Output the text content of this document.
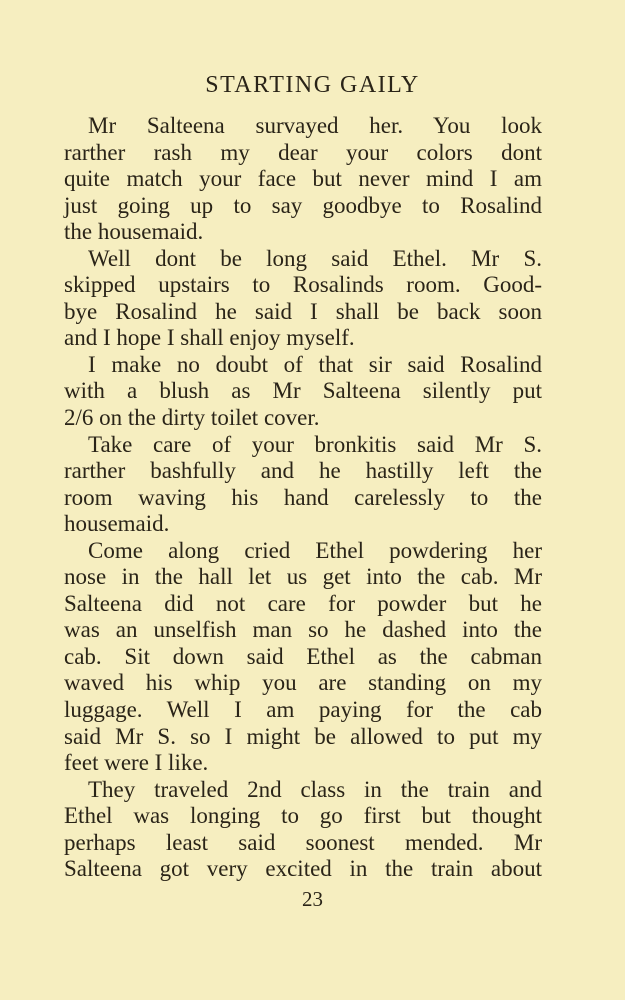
STARTING GAILY
Mr Salteena survayed her. You look
rarther rash my dear your colors dont
quite match your face but never mind I am
just going up to say goodbye to Rosalind
the housemaid.
Well dont be long said Ethel. Mr S.
skipped upstairs to Rosalinds room. Good-
bye Rosalind he said I shall be back soon
and I hope I shall enjoy myself.
I make no doubt of that sir said Rosalind
with a blush as Mr Salteena silently put
2/6 on the dirty toilet cover.
Take care of your bronkitis said Mr S.
rarther bashfully and he hastilly left the
room waving his hand carelessly to the
housemaid.
Come along cried Ethel powdering her
nose in the hall let us get into the cab. Mr
Salteena did not care for powder but he
was an unselfish man so he dashed into the
cab. Sit down said Ethel as the cabman
waved his whip you are standing on my
luggage. Well I am paying for the cab
said Mr S. so I might be allowed to put my
feet were I like.
They traveled 2nd class in the train and
Ethel was longing to go first but thought
perhaps least said soonest mended. Mr
Salteena got very excited in the train about
23
